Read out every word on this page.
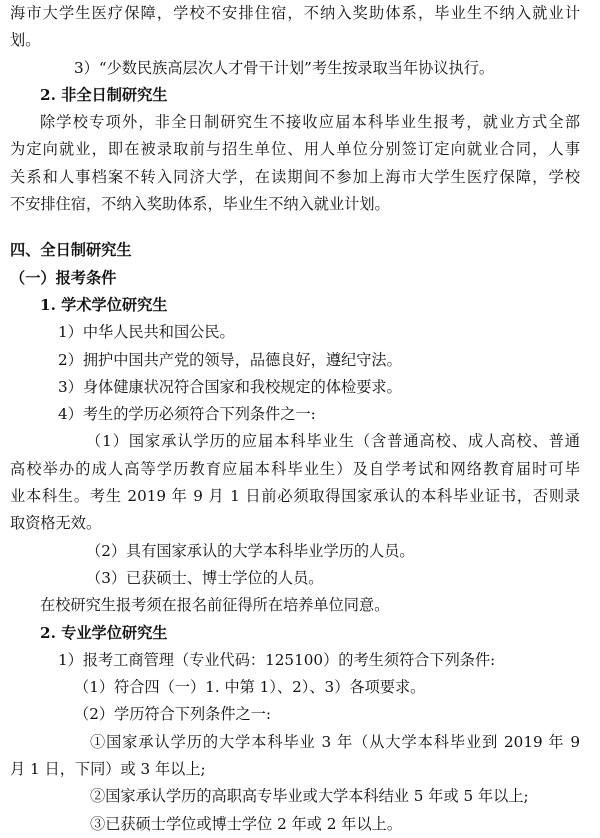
海市大学生医疗保障，学校不安排住宿，不纳入奖助体系，毕业生不纳入就业计
划。
3）“少数民族高层次人才骨干计划”考生按录取当年协议执行。
2. 非全日制研究生
除学校专项外，非全日制研究生不接收应届本科毕业生报考，就业方式全部
为定向就业，即在被录取前与招生单位、用人单位分别签订定向就业合同，人事
关系和人事档案不转入同济大学，在读期间不参加上海市大学生医疗保障，学校
不安排住宿，不纳入奖助体系，毕业生不纳入就业计划。
四、全日制研究生
（一）报考条件
1. 学术学位研究生
1）中华人民共和国公民。
2）拥护中国共产党的领导，品德良好，遵纪守法。
3）身体健康状况符合国家和我校规定的体检要求。
4）考生的学历必须符合下列条件之一:
（1）国家承认学历的应届本科毕业生（含普通高校、成人高校、普通
高校举办的成人高等学历教育应届本科毕业生）及自学考试和网络教育届时可毕
业本科生。考生 2019 年 9 月 1 日前必须取得国家承认的本科毕业证书，否则录
取资格无效。
（2）具有国家承认的大学本科毕业学历的人员。
（3）已获硕士、博士学位的人员。
在校研究生报考须在报名前征得所在培养单位同意。
2. 专业学位研究生
1）报考工商管理（专业代码：125100）的考生须符合下列条件:
（1）符合四（一）1. 中第 1）、2）、3）各项要求。
（2）学历符合下列条件之一:
①国家承认学历的大学本科毕业 3 年（从大学本科毕业到 2019 年 9
月 1 日，下同）或 3 年以上;
②国家承认学历的高职高专毕业或大学本科结业 5 年或 5 年以上;
③已获硕士学位或博士学位 2 年或 2 年以上。
